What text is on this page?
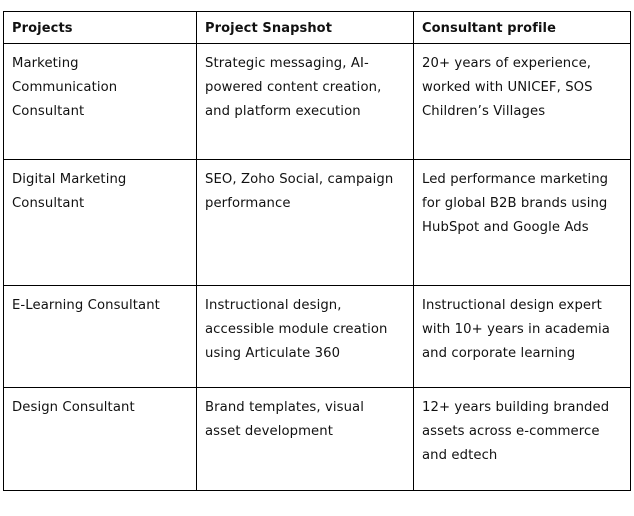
Projects	Project Snapshot	Consultant profile

Marketing Communication Consultant	Strategic messaging, AI-powered content creation, and platform execution	20+ years of experience, worked with UNICEF, SOS Children’s Villages

Digital Marketing Consultant	SEO, Zoho Social, campaign performance	Led performance marketing for global B2B brands using HubSpot and Google Ads

E-Learning Consultant	Instructional design, accessible module creation using Articulate 360	Instructional design expert with 10+ years in academia and corporate learning

Design Consultant	Brand templates, visual asset development	12+ years building branded assets across e-commerce and edtech
